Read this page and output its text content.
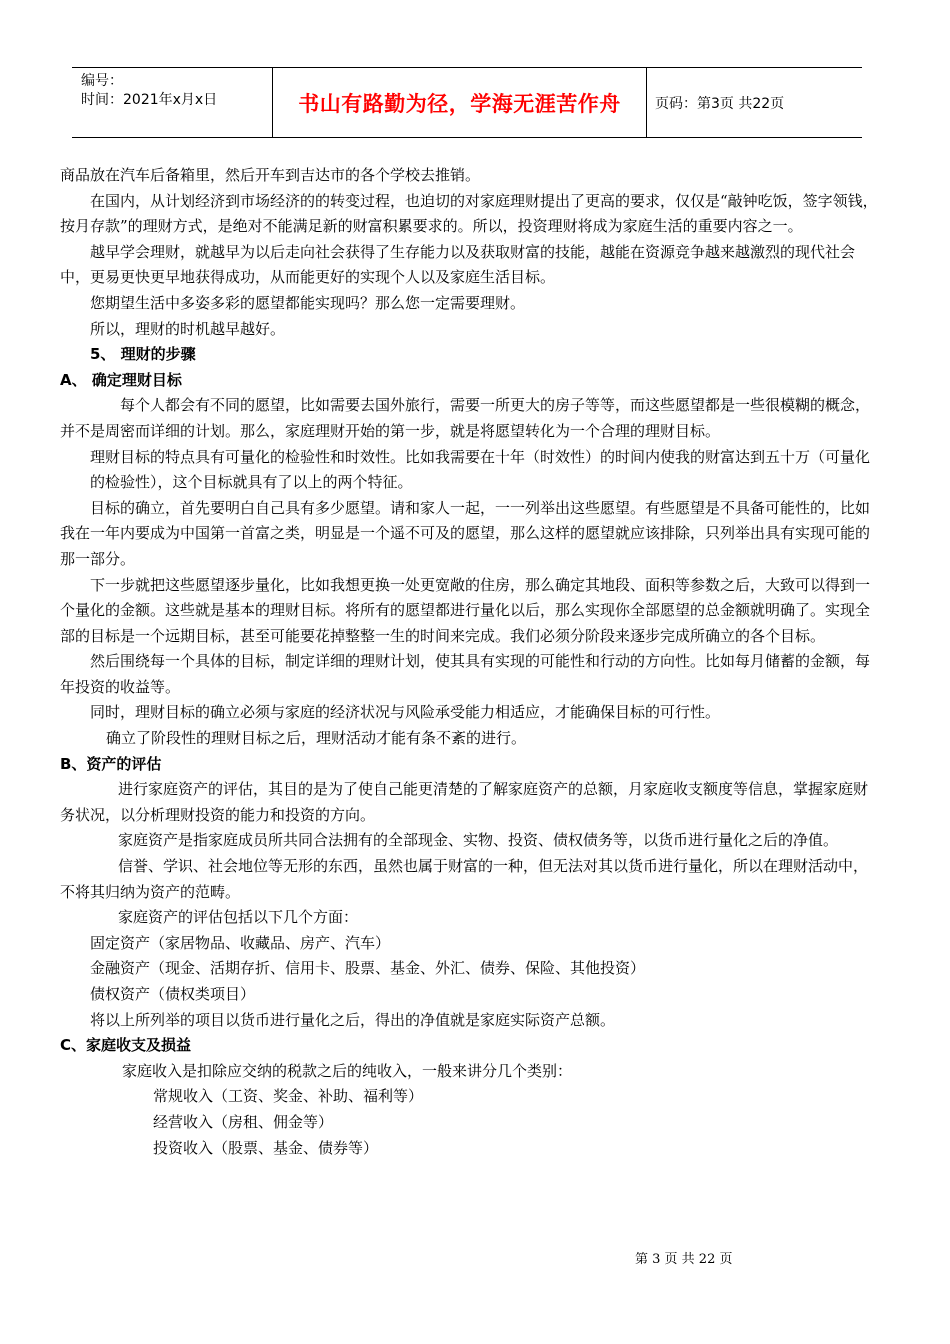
编号：
时间：2021年x月x日	书山有路勤为径，学海无涯苦作舟	页码：第3页 共22页

商品放在汽车后备箱里，然后开车到吉达市的各个学校去推销。

在国内，从计划经济到市场经济的的转变过程，也迫切的对家庭理财提出了更高的要求，仅仅是“敲钟吃饭，签字领钱，按月存款”的理财方式，是绝对不能满足新的财富积累要求的。所以，投资理财将成为家庭生活的重要内容之一。

越早学会理财，就越早为以后走向社会获得了生存能力以及获取财富的技能，越能在资源竞争越来越激烈的现代社会中，更易更快更早地获得成功，从而能更好的实现个人以及家庭生活目标。

您期望生活中多姿多彩的愿望都能实现吗？那么您一定需要理财。

所以，理财的时机越早越好。

5、 理财的步骤

A、 确定理财目标

每个人都会有不同的愿望，比如需要去国外旅行，需要一所更大的房子等等，而这些愿望都是一些很模糊的概念，并不是周密而详细的计划。那么，家庭理财开始的第一步，就是将愿望转化为一个合理的理财目标。

理财目标的特点具有可量化的检验性和时效性。比如我需要在十年（时效性）的时间内使我的财富达到五十万（可量化的检验性），这个目标就具有了以上的两个特征。

目标的确立，首先要明白自己具有多少愿望。请和家人一起，一一列举出这些愿望。有些愿望是不具备可能性的，比如我在一年内要成为中国第一首富之类，明显是一个遥不可及的愿望，那么这样的愿望就应该排除，只列举出具有实现可能的那一部分。

下一步就把这些愿望逐步量化，比如我想更换一处更宽敞的住房，那么确定其地段、面积等参数之后，大致可以得到一个量化的金额。这些就是基本的理财目标。将所有的愿望都进行量化以后，那么实现你全部愿望的总金额就明确了。实现全部的目标是一个远期目标，甚至可能要花掉整整一生的时间来完成。我们必须分阶段来逐步完成所确立的各个目标。

然后围绕每一个具体的目标，制定详细的理财计划，使其具有实现的可能性和行动的方向性。比如每月储蓄的金额，每年投资的收益等。

同时，理财目标的确立必须与家庭的经济状况与风险承受能力相适应，才能确保目标的可行性。

确立了阶段性的理财目标之后，理财活动才能有条不紊的进行。

B、资产的评估

进行家庭资产的评估，其目的是为了使自己能更清楚的了解家庭资产的总额，月家庭收支额度等信息，掌握家庭财务状况，以分析理财投资的能力和投资的方向。

家庭资产是指家庭成员所共同合法拥有的全部现金、实物、投资、债权债务等，以货币进行量化之后的净值。

信誉、学识、社会地位等无形的东西，虽然也属于财富的一种，但无法对其以货币进行量化，所以在理财活动中，不将其归纳为资产的范畴。

家庭资产的评估包括以下几个方面：

固定资产（家居物品、收藏品、房产、汽车）

金融资产（现金、活期存折、信用卡、股票、基金、外汇、债券、保险、其他投资）

债权资产（债权类项目）

将以上所列举的项目以货币进行量化之后，得出的净值就是家庭实际资产总额。

C、家庭收支及损益

家庭收入是扣除应交纳的税款之后的纯收入，一般来讲分几个类别：

常规收入（工资、奖金、补助、福利等）

经营收入（房租、佣金等）

投资收入（股票、基金、债券等）

第 3 页 共 22 页
